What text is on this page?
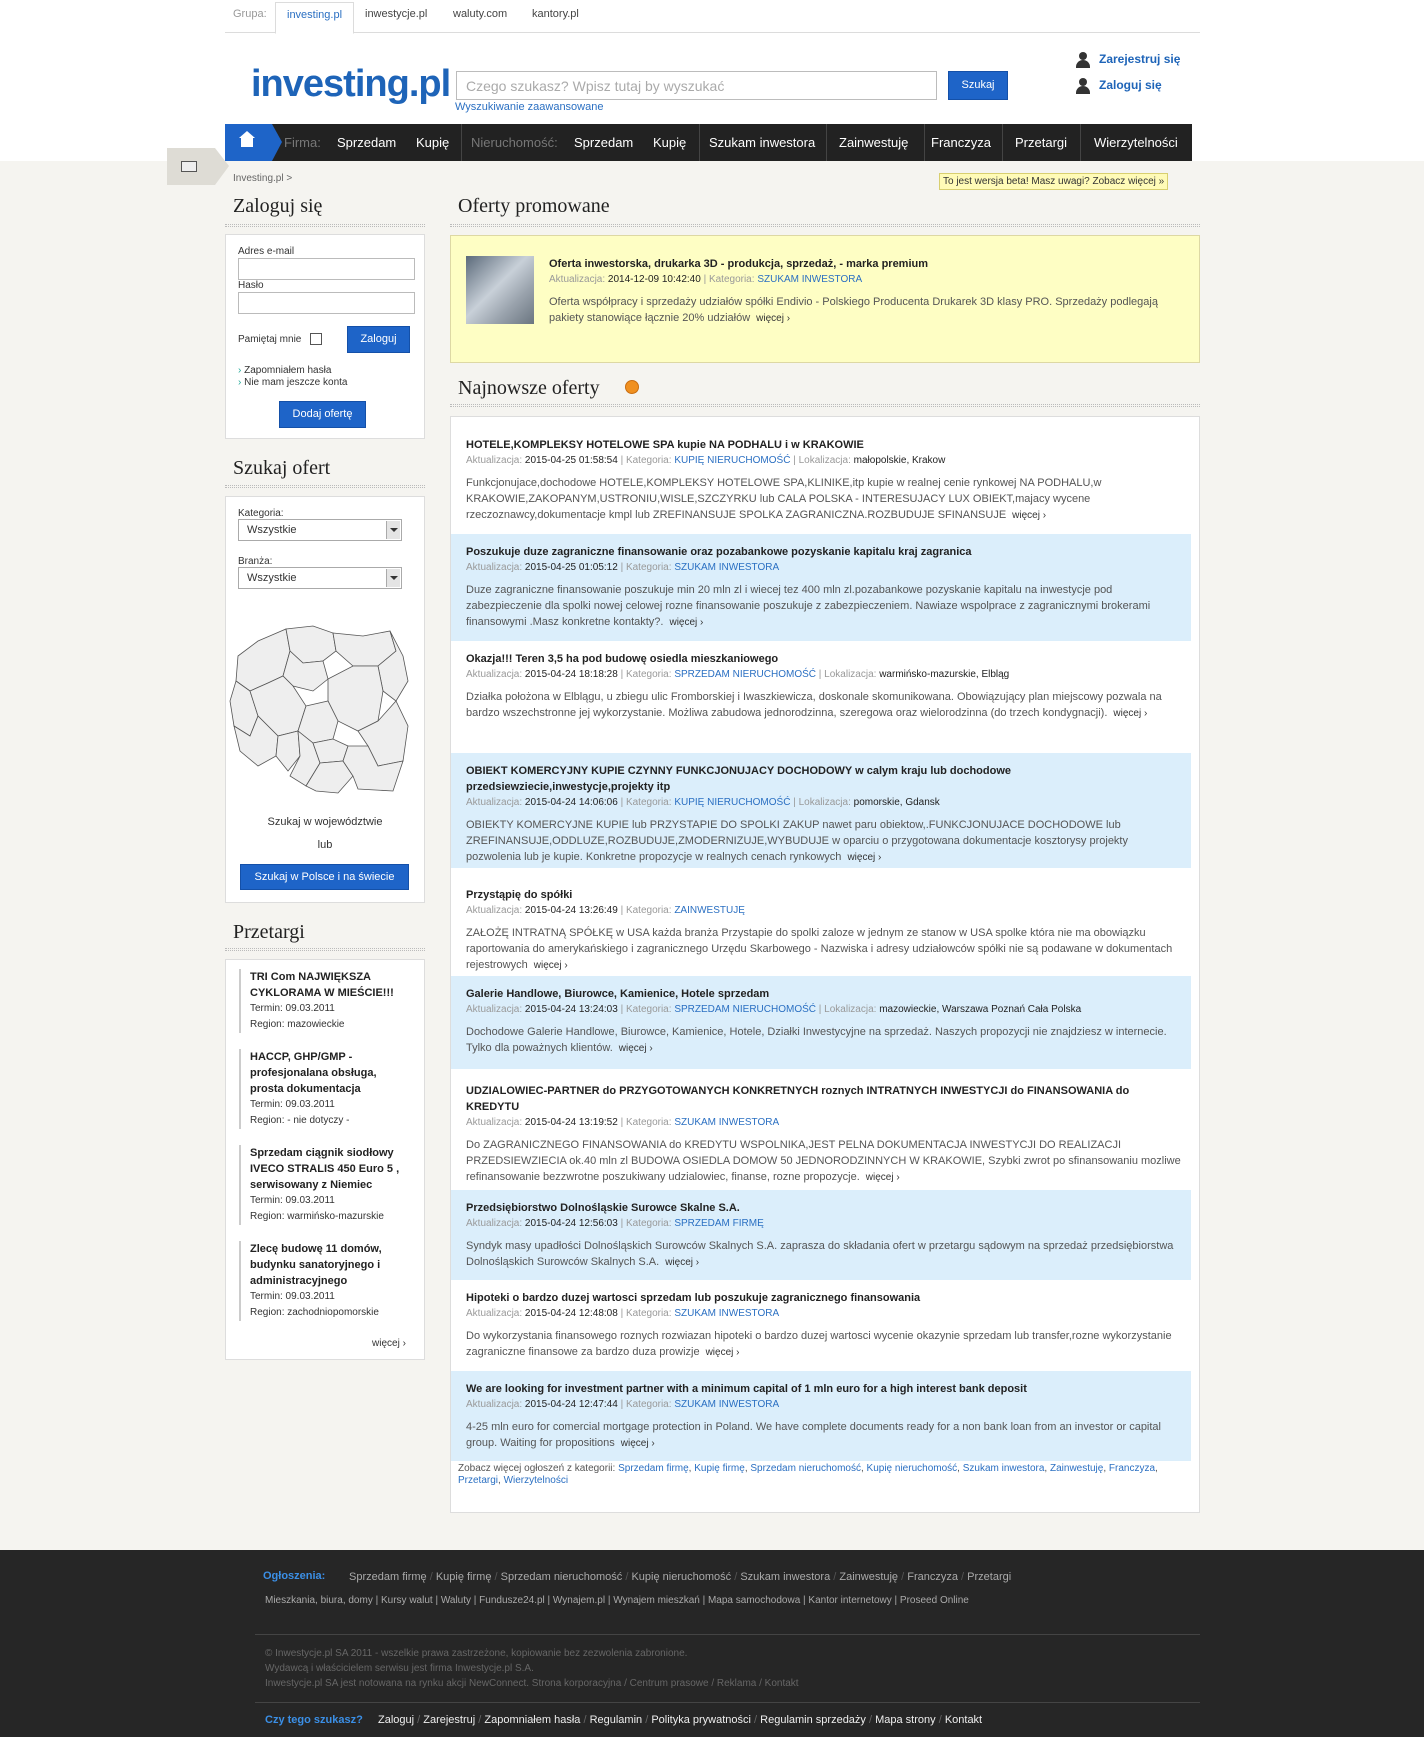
Grupa:	investing.pl	inwestycje.pl waluty.com kantory.pl
investing.pl	Czego szukasz? Wpisz tutaj by wyszukać	Szukaj
Wyszukiwanie zaawansowane
Zarejestruj się
Zaloguj się
Firma: Sprzedam Kupię Nieruchomość: Sprzedam Kupię Szukam inwestora Zainwestuję Franczyza Przetargi Wierzytelności
Investing.pl >	To jest wersja beta! Masz uwagi? Zobacz więcej »
Zaloguj się
Adres e-mail
Hasło
Pamiętaj mnie	Zaloguj
› Zapomniałem hasła
› Nie mam jeszcze konta
Dodaj ofertę
Szukaj ofert
Kategoria:
Wszystkie
Branża:
Wszystkie
Szukaj w województwie
lub
Szukaj w Polsce i na świecie
Przetargi
TRI Com NAJWIĘKSZA CYKLORAMA W MIEŚCIE!!!
Termin: 09.03.2011
Region: mazowieckie
HACCP, GHP/GMP - profesjonalana obsługa, prosta dokumentacja
Termin: 09.03.2011
Region: - nie dotyczy -
Sprzedam ciągnik siodłowy IVECO STRALIS 450 Euro 5 , serwisowany z Niemiec
Termin: 09.03.2011
Region: warmińsko-mazurskie
Zlecę budowę 11 domów, budynku sanatoryjnego i administracyjnego
Termin: 09.03.2011
Region: zachodniopomorskie
więcej ›
Oferty promowane
Oferta inwestorska, drukarka 3D - produkcja, sprzedaż, - marka premium
Aktualizacja: 2014-12-09 10:42:40 | Kategoria: SZUKAM INWESTORA
Oferta współpracy i sprzedaży udziałów spółki Endivio - Polskiego Producenta Drukarek 3D klasy PRO. Sprzedaży podlegają pakiety stanowiące łącznie 20% udziałów więcej ›
Najnowsze oferty
HOTELE,KOMPLEKSY HOTELOWE SPA kupie NA PODHALU i w KRAKOWIE
Aktualizacja: 2015-04-25 01:58:54 | Kategoria: KUPIĘ NIERUCHOMOŚĆ | Lokalizacja: małopolskie, Krakow
Funkcjonujace,dochodowe HOTELE,KOMPLEKSY HOTELOWE SPA,KLINIKE,itp kupie w realnej cenie rynkowej NA PODHALU,w KRAKOWIE,ZAKOPANYM,USTRONIU,WISLE,SZCZYRKU lub CALA POLSKA - INTERESUJACY LUX OBIEKT,majacy wycene rzeczoznawcy,dokumentacje kmpl lub ZREFINANSUJE SPOLKA ZAGRANICZNA.ROZBUDUJE SFINANSUJE więcej ›
Poszukuje duze zagraniczne finansowanie oraz pozabankowe pozyskanie kapitalu kraj zagranica
Aktualizacja: 2015-04-25 01:05:12 | Kategoria: SZUKAM INWESTORA
Duze zagraniczne finansowanie poszukuje min 20 mln zl i wiecej tez 400 mln zl.pozabankowe pozyskanie kapitalu na inwestycje pod zabezpieczenie dla spolki nowej celowej rozne finansowanie poszukuje z zabezpieczeniem. Nawiaze wspolprace z zagranicznymi brokerami finansowymi .Masz konkretne kontakty?. więcej ›
Okazja!!! Teren 3,5 ha pod budowę osiedla mieszkaniowego
Aktualizacja: 2015-04-24 18:18:28 | Kategoria: SPRZEDAM NIERUCHOMOŚĆ | Lokalizacja: warmińsko-mazurskie, Elbląg
Działka położona w Elblągu, u zbiegu ulic Fromborskiej i Iwaszkiewicza, doskonale skomunikowana. Obowiązujący plan miejscowy pozwala na bardzo wszechstronne jej wykorzystanie. Możliwa zabudowa jednorodzinna, szeregowa oraz wielorodzinna (do trzech kondygnacji). więcej ›
OBIEKT KOMERCYJNY KUPIE CZYNNY FUNKCJONUJACY DOCHODOWY w calym kraju lub dochodowe przedsiewziecie,inwestycje,projekty itp
Aktualizacja: 2015-04-24 14:06:06 | Kategoria: KUPIĘ NIERUCHOMOŚĆ | Lokalizacja: pomorskie, Gdansk
OBIEKTY KOMERCYJNE KUPIE lub PRZYSTAPIE DO SPOLKI ZAKUP nawet paru obiektow,.FUNKCJONUJACE DOCHODOWE lub ZREFINANSUJE,ODDLUZE,ROZBUDUJE,ZMODERNIZUJE,WYBUDUJE w oparciu o przygotowana dokumentacje kosztorysy projekty pozwolenia lub je kupie. Konkretne propozycje w realnych cenach rynkowych więcej ›
Przystąpię do spółki
Aktualizacja: 2015-04-24 13:26:49 | Kategoria: ZAINWESTUJĘ
ZAŁOŻĘ INTRATNĄ SPÓŁKĘ w USA każda branża Przystapie do spolki zaloze w jednym ze stanow w USA spolke która nie ma obowiązku raportowania do amerykańskiego i zagranicznego Urzędu Skarbowego - Nazwiska i adresy udziałowców spółki nie są podawane w dokumentach rejestrowych więcej ›
Galerie Handlowe, Biurowce, Kamienice, Hotele sprzedam
Aktualizacja: 2015-04-24 13:24:03 | Kategoria: SPRZEDAM NIERUCHOMOŚĆ | Lokalizacja: mazowieckie, Warszawa Poznań Cała Polska
Dochodowe Galerie Handlowe, Biurowce, Kamienice, Hotele, Działki Inwestycyjne na sprzedaż. Naszych propozycji nie znajdziesz w internecie. Tylko dla poważnych klientów. więcej ›
UDZIALOWIEC-PARTNER do PRZYGOTOWANYCH KONKRETNYCH roznych INTRATNYCH INWESTYCJI do FINANSOWANIA do KREDYTU
Aktualizacja: 2015-04-24 13:19:52 | Kategoria: SZUKAM INWESTORA
Do ZAGRANICZNEGO FINANSOWANIA do KREDYTU WSPOLNIKA,JEST PELNA DOKUMENTACJA INWESTYCJI DO REALIZACJI PRZEDSIEWZIECIA ok.40 mln zl BUDOWA OSIEDLA DOMOW 50 JEDNORODZINNYCH W KRAKOWIE, Szybki zwrot po sfinansowaniu mozliwe refinansowanie bezzwrotne poszukiwany udzialowiec, finanse, rozne propozycje. więcej ›
Przedsiębiorstwo Dolnośląskie Surowce Skalne S.A.
Aktualizacja: 2015-04-24 12:56:03 | Kategoria: SPRZEDAM FIRMĘ
Syndyk masy upadłości Dolnośląskich Surowców Skalnych S.A. zaprasza do składania ofert w przetargu sądowym na sprzedaż przedsiębiorstwa Dolnośląskich Surowców Skalnych S.A. więcej ›
Hipoteki o bardzo duzej wartosci sprzedam lub poszukuje zagranicznego finansowania
Aktualizacja: 2015-04-24 12:48:08 | Kategoria: SZUKAM INWESTORA
Do wykorzystania finansowego roznych rozwiazan hipoteki o bardzo duzej wartosci wycenie okazynie sprzedam lub transfer,rozne wykorzystanie zagraniczne finansowe za bardzo duza prowizje więcej ›
We are looking for investment partner with a minimum capital of 1 mln euro for a high interest bank deposit
Aktualizacja: 2015-04-24 12:47:44 | Kategoria: SZUKAM INWESTORA
4-25 mln euro for comercial mortgage protection in Poland. We have complete documents ready for a non bank loan from an investor or capital group. Waiting for propositions więcej ›
Zobacz więcej ogłoszeń z kategorii: Sprzedam firmę, Kupię firmę, Sprzedam nieruchomość, Kupię nieruchomość, Szukam inwestora, Zainwestuję, Franczyza, Przetargi, Wierzytelności
Ogłoszenia: Sprzedam firmę / Kupię firmę / Sprzedam nieruchomość / Kupię nieruchomość / Szukam inwestora / Zainwestuję / Franczyza / Przetargi
Mieszkania, biura, domy | Kursy walut | Waluty | Fundusze24.pl | Wynajem.pl | Wynajem mieszkań | Mapa samochodowa | Kantor internetowy | Proseed Online
© Inwestycje.pl SA 2011 - wszelkie prawa zastrzeżone, kopiowanie bez zezwolenia zabronione.
Wydawcą i właścicielem serwisu jest firma Inwestycje.pl S.A.
Inwestycje.pl SA jest notowana na rynku akcji NewConnect. Strona korporacyjna / Centrum prasowe / Reklama / Kontakt
Czy tego szukasz? Zaloguj / Zarejestruj / Zapomniałem hasła / Regulamin / Polityka prywatności / Regulamin sprzedaży / Mapa strony / Kontakt
